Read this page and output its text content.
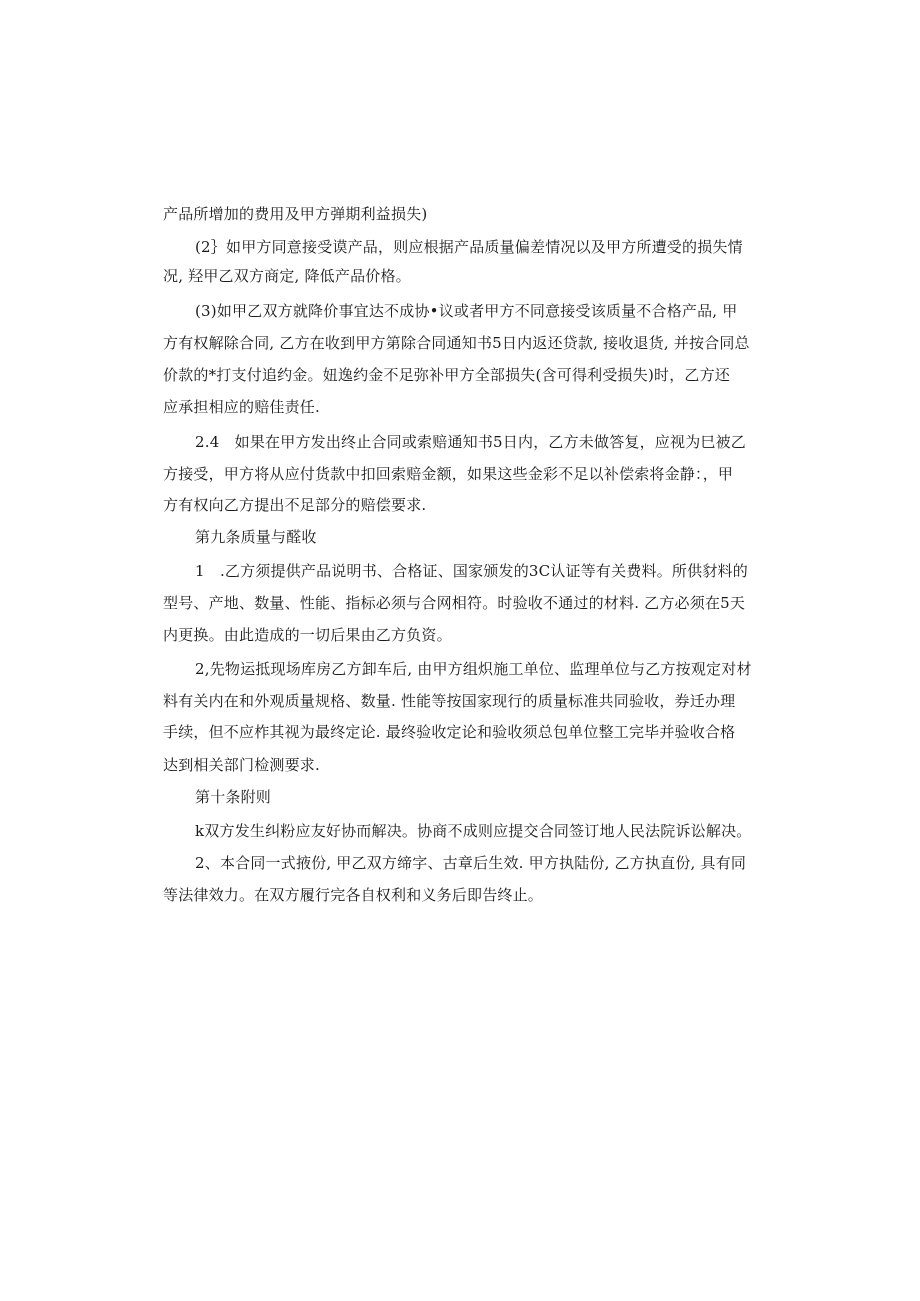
产品所增加的费用及甲方弹期利益损失)
(2｝如甲方同意接受谟产品，则应根据产品质量偏差情况以及甲方所遭受的损失情
况, 羟甲乙双方商定, 降低产品价格。
(3)如甲乙双方就降价事宜达不成协•议或者甲方不同意接受该质量不合格产品, 甲
方有权解除合同, 乙方在收到甲方第除合同通知书5日内返还贷款, 接收退货, 并按合同总
价款的*打支付追约金。妞逸约金不足弥补甲方全部损失(含可得利受损失)时，乙方还
应承担相应的赔佳责任.
2.4　如果在甲方发出终止合同或索赔通知书5日内，乙方未做答复，应视为巳被乙
方接受，甲方将从应付货款中扣回索赔金额，如果这些金彩不足以补偿索将金静：，甲
方有权向乙方提出不足部分的赔偿要求.
第九条质量与醛收
1　.乙方须提供产品说明书、合格证、国家颁发的3C认证等有关费料。所供豺料的
型号、产地、数量、性能、指标必须与合网相符。时验收不通过的材料. 乙方必须在5天
内更换。由此造成的一切后果由乙方负资。
2,先物运抵现场库房乙方卸车后, 由甲方组炽施工单位、监理单位与乙方按观定对材
料有关内在和外观质量规格、数量. 性能等按国家现行的质量标准共同验收，券迁办理
手续，但不应柞其视为最终定论. 最终验收定论和验收须总包单位整工完毕并验收合格
达到相关部门检测要求.
第十条附则
k双方发生纠粉应友好协而解决。协商不成则应提交合同签订地人民法院诉讼解决。
2、本合同一式掖份, 甲乙双方缔字、古章后生效. 甲方执陆份, 乙方执直份, 具有同
等法律效力。在双方履行完各自权利和义务后即告终止。
